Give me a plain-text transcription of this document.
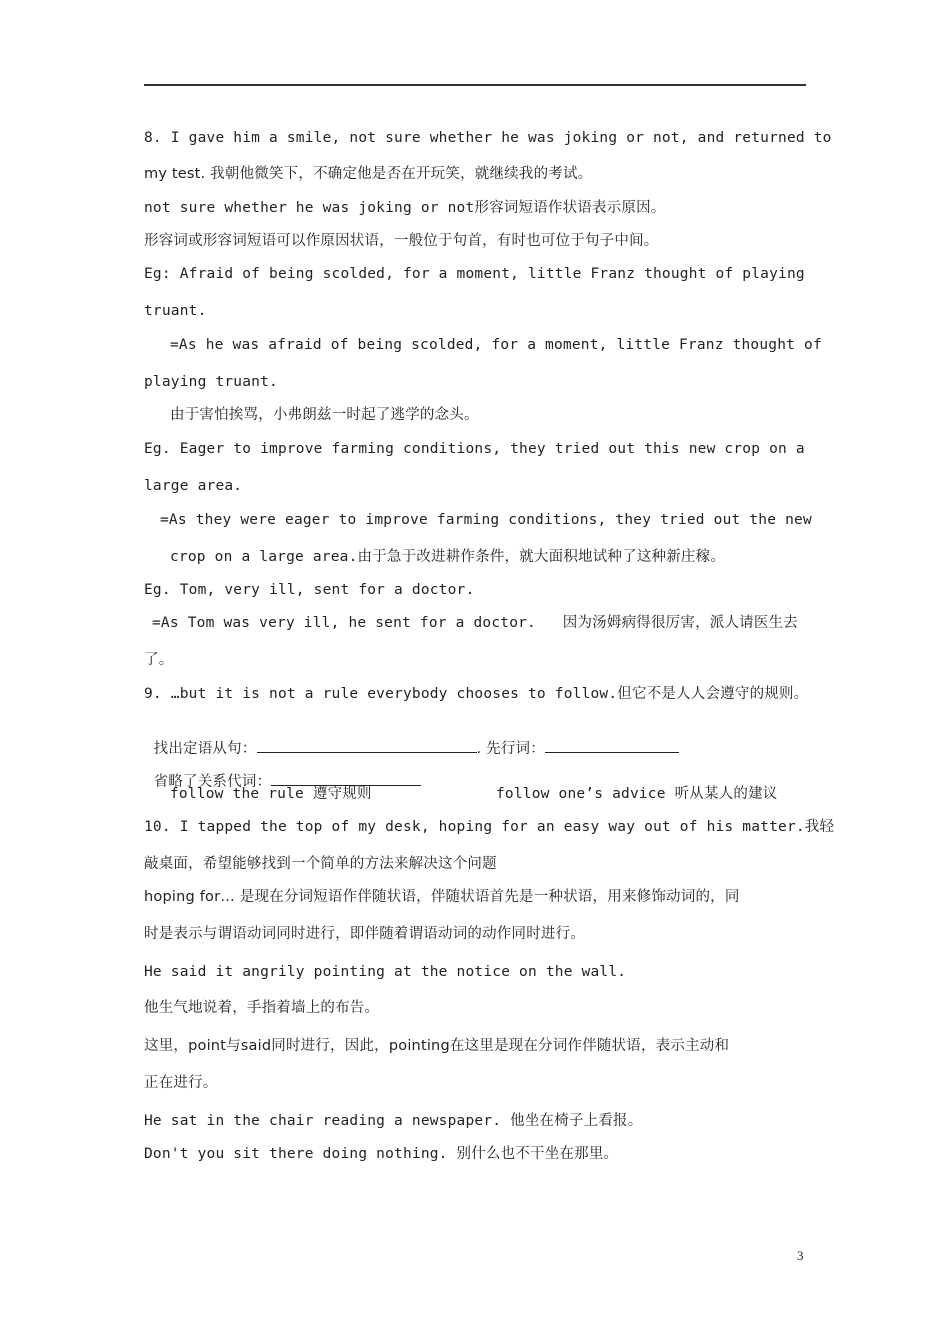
8. I gave him a smile, not sure whether he was joking or not, and returned to
my test. 我朝他微笑下，不确定他是否在开玩笑，就继续我的考试。
not sure whether he was joking or not形容词短语作状语表示原因。
形容词或形容词短语可以作原因状语，一般位于句首，有时也可位于句子中间。
Eg: Afraid of being scolded, for a moment, little Franz thought of playing
truant.
=As he was afraid of being scolded, for a moment, little Franz thought of
playing truant.
由于害怕挨骂，小弗朗兹一时起了逃学的念头。
Eg. Eager to improve farming conditions, they tried out this new crop on a
large area.
=As they were eager to improve farming conditions, they tried out the new
crop on a large area.由于急于改进耕作条件，就大面积地试种了这种新庄稼。
Eg. Tom, very ill, sent for a doctor.
=As Tom was very ill, he sent for a doctor.   因为汤姆病得很厉害，派人请医生去
了。
9. …but it is not a rule everybody chooses to follow.但它不是人人会遵守的规则。

找出定语从句：	. 先行词：

省略了关系代词：

follow the rule 遵守规则	follow one’s advice 听从某人的建议
10. I tapped the top of my desk, hoping for an easy way out of his matter.我轻
敲桌面，希望能够找到一个简单的方法来解决这个问题
hoping for… 是现在分词短语作伴随状语，伴随状语首先是一种状语，用来修饰动词的，同
时是表示与谓语动词同时进行，即伴随着谓语动词的动作同时进行。
He said it angrily pointing at the notice on the wall.
他生气地说着，手指着墙上的布告。
这里，point与said同时进行，因此，pointing在这里是现在分词作伴随状语，表示主动和
正在进行。
He sat in the chair reading a newspaper. 他坐在椅子上看报。
Don't you sit there doing nothing. 别什么也不干坐在那里。
3
